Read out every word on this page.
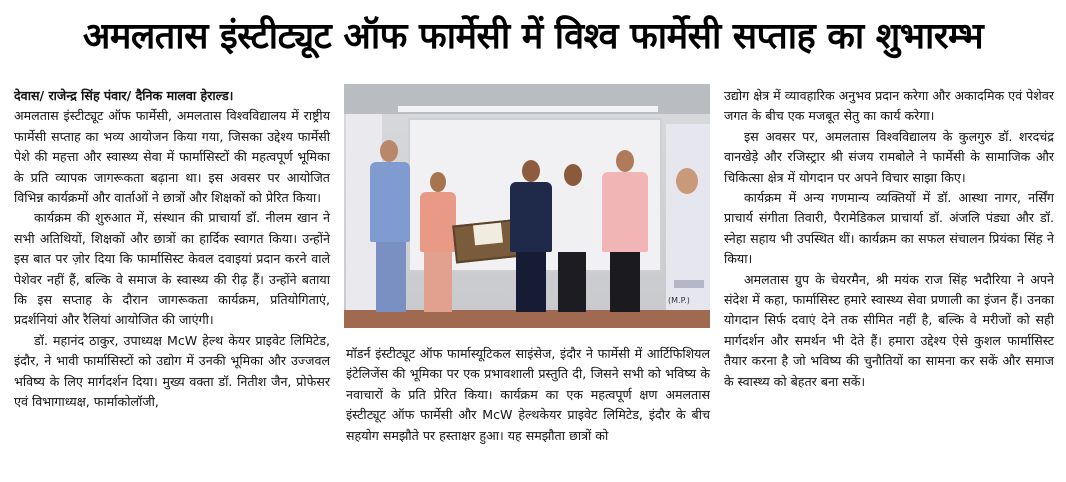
अमलतास इंस्टीट्यूट ऑफ फार्मेसी में विश्व फार्मेसी सप्ताह का शुभारम्भ

देवास/ राजेन्द्र सिंह पंवार/ दैनिक मालवा हेराल्ड।

अमलतास इंस्टीट्यूट ऑफ फार्मेसी, अमलतास विश्वविद्यालय में राष्ट्रीय फार्मेसी सप्ताह का भव्य आयोजन किया गया, जिसका उद्देश्य फार्मेसी पेशे की महत्ता और स्वास्थ्य सेवा में फार्मासिस्टों की महत्वपूर्ण भूमिका के प्रति व्यापक जागरूकता बढ़ाना था। इस अवसर पर आयोजित विभिन्न कार्यक्रमों और वार्ताओं ने छात्रों और शिक्षकों को प्रेरित किया।

कार्यक्रम की शुरुआत में, संस्थान की प्राचार्या डॉ. नीलम खान ने सभी अतिथियों, शिक्षकों और छात्रों का हार्दिक स्वागत किया। उन्होंने इस बात पर ज़ोर दिया कि फार्मासिस्ट केवल दवाइयां प्रदान करने वाले पेशेवर नहीं हैं, बल्कि वे समाज के स्वास्थ्य की रीढ़ हैं। उन्होंने बताया कि इस सप्ताह के दौरान जागरूकता कार्यक्रम, प्रतियोगिताएं, प्रदर्शनियां और रैलियां आयोजित की जाएंगी।

डॉ. महानंद ठाकुर, उपाध्यक्ष McW हेल्थ केयर प्राइवेट लिमिटेड, इंदौर, ने भावी फार्मासिस्टों को उद्योग में उनकी भूमिका और उज्जवल भविष्य के लिए मार्गदर्शन दिया। मुख्य वक्ता डॉ. नितीश जैन, प्रोफेसर एवं विभागाध्यक्ष, फार्माकोलॉजी,

(M.P.)

मॉडर्न इंस्टीट्यूट ऑफ फार्मास्यूटिकल साइंसेज, इंदौर ने फार्मेसी में आर्टिफिशियल इंटेलिजेंस की भूमिका पर एक प्रभावशाली प्रस्तुति दी, जिसने सभी को भविष्य के नवाचारों के प्रति प्रेरित किया। कार्यक्रम का एक महत्वपूर्ण क्षण अमलतास इंस्टीट्यूट ऑफ फार्मेसी और McW हेल्थकेयर प्राइवेट लिमिटेड, इंदौर के बीच सहयोग समझौते पर हस्ताक्षर हुआ। यह समझौता छात्रों को

उद्योग क्षेत्र में व्यावहारिक अनुभव प्रदान करेगा और अकादमिक एवं पेशेवर जगत के बीच एक मजबूत सेतु का कार्य करेगा।

इस अवसर पर, अमलतास विश्वविद्यालय के कुलगुरु डॉ. शरदचंद्र वानखेड़े और रजिस्ट्रार श्री संजय रामबोले ने फार्मेसी के सामाजिक और चिकित्सा क्षेत्र में योगदान पर अपने विचार साझा किए।

कार्यक्रम में अन्य गणमान्य व्यक्तियों में डॉ. आस्था नागर, नर्सिंग प्राचार्य संगीता तिवारी, पैरामेडिकल प्राचार्या डॉ. अंजलि पंड्या और डॉ. स्नेहा सहाय भी उपस्थित थीं। कार्यक्रम का सफल संचालन प्रियंका सिंह ने किया।

अमलतास ग्रुप के चेयरमैन, श्री मयंक राज सिंह भदौरिया ने अपने संदेश में कहा, फार्मासिस्ट हमारे स्वास्थ्य सेवा प्रणाली का इंजन हैं। उनका योगदान सिर्फ दवाएं देने तक सीमित नहीं है, बल्कि वे मरीजों को सही मार्गदर्शन और समर्थन भी देते हैं। हमारा उद्देश्य ऐसे कुशल फार्मासिस्ट तैयार करना है जो भविष्य की चुनौतियों का सामना कर सकें और समाज के स्वास्थ्य को बेहतर बना सकें।
